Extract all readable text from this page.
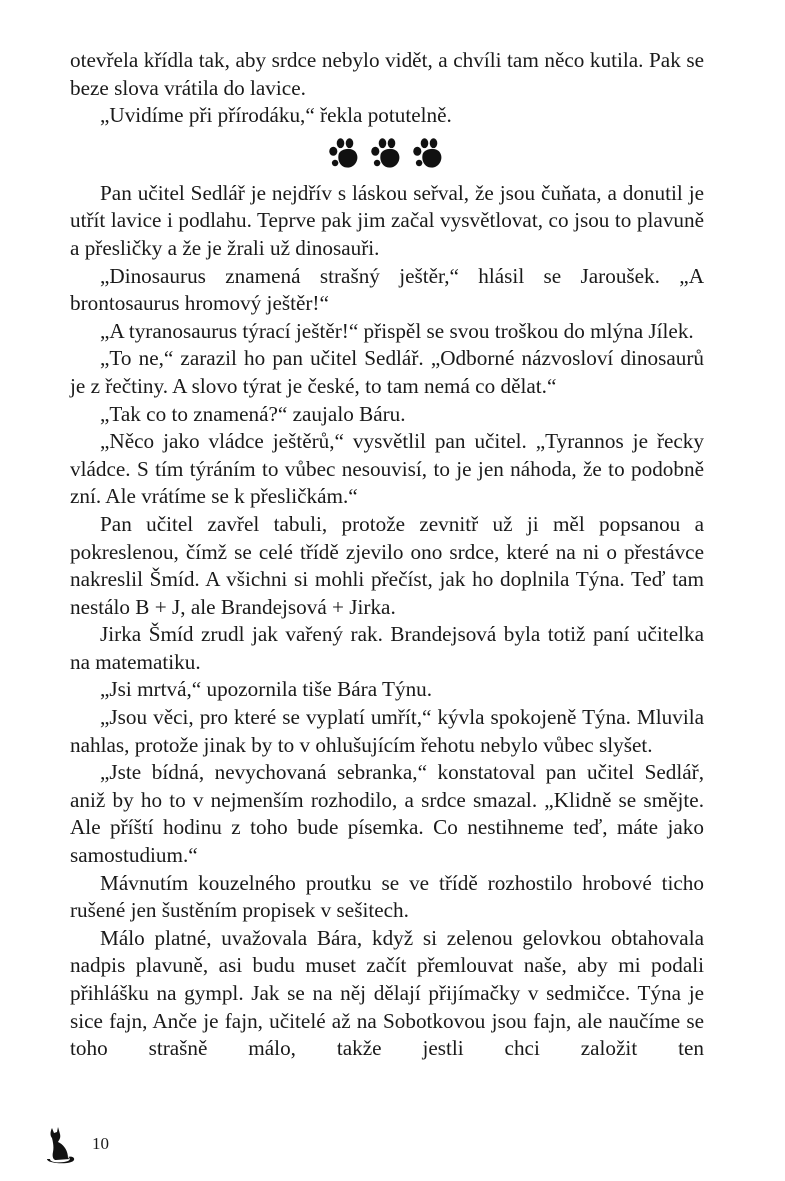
otevřela křídla tak, aby srdce nebylo vidět, a chvíli tam něco kutila. Pak se beze slova vrátila do lavice.

„Uvidíme při přírodáku,“ řekla potutelně.

Pan učitel Sedlář je nejdřív s láskou seřval, že jsou čuňata, a donutil je utřít lavice i podlahu. Teprve pak jim začal vysvětlovat, co jsou to plavuně a přesličky a že je žrali už dinosauři.

„Dinosaurus znamená strašný ještěr,“ hlásil se Jaroušek. „A brontosaurus hromový ještěr!“

„A tyranosaurus týrací ještěr!“ přispěl se svou troškou do mlýna Jílek.

„To ne,“ zarazil ho pan učitel Sedlář. „Odborné názvosloví dinosaurů je z řečtiny. A slovo týrat je české, to tam nemá co dělat.“

„Tak co to znamená?“ zaujalo Báru.

„Něco jako vládce ještěrů,“ vysvětlil pan učitel. „Tyrannos je řecky vládce. S tím týráním to vůbec nesouvisí, to je jen náhoda, že to podobně zní. Ale vrátíme se k přesličkám.“

Pan učitel zavřel tabuli, protože zevnitř už ji měl popsanou a pokreslenou, čímž se celé třídě zjevilo ono srdce, které na ni o přestávce nakreslil Šmíd. A všichni si mohli přečíst, jak ho doplnila Týna. Teď tam nestálo B + J, ale Brandejsová + Jirka.

Jirka Šmíd zrudl jak vařený rak. Brandejsová byla totiž paní učitelka na matematiku.

„Jsi mrtvá,“ upozornila tiše Bára Týnu.

„Jsou věci, pro které se vyplatí umřít,“ kývla spokojeně Týna. Mluvila nahlas, protože jinak by to v ohlušujícím řehotu nebylo vůbec slyšet.

„Jste bídná, nevychovaná sebranka,“ konstatoval pan učitel Sedlář, aniž by ho to v nejmenším rozhodilo, a srdce smazal. „Klidně se smějte. Ale příští hodinu z toho bude písemka. Co nestihneme teď, máte jako samostudium.“

Mávnutím kouzelného proutku se ve třídě rozhostilo hrobové ticho rušené jen šustěním propisek v sešitech.

Málo platné, uvažovala Bára, když si zelenou gelovkou obtahovala nadpis plavuně, asi budu muset začít přemlouvat naše, aby mi podali přihlášku na gympl. Jak se na něj dělají přijímačky v sedmičce. Týna je sice fajn, Anče je fajn, učitelé až na Sobotkovou jsou fajn, ale naučíme se toho strašně málo, takže jestli chci založit ten

10
